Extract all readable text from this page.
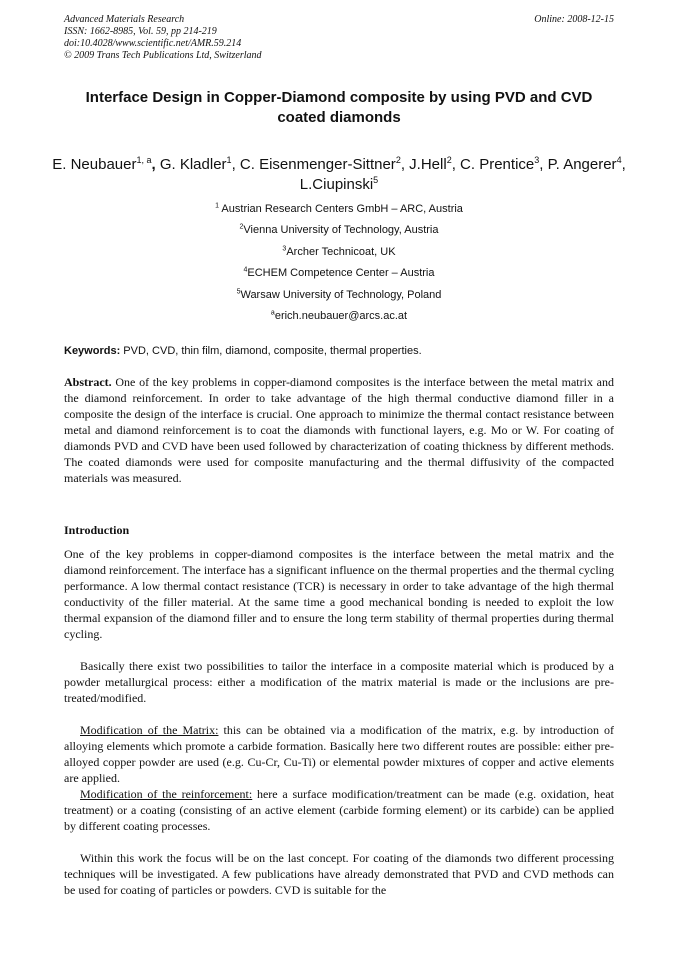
Advanced Materials Research
ISSN: 1662-8985, Vol. 59, pp 214-219
doi:10.4028/www.scientific.net/AMR.59.214
© 2009 Trans Tech Publications Ltd, Switzerland
Online: 2008-12-15
Interface Design in Copper-Diamond composite by using PVD and CVD
coated diamonds
E. Neubauer$^{1, a}$, G. Kladler$^1$, C. Eisenmenger-Sittner$^2$, J.Hell$^2$, C. Prentice$^3$, P. Angerer$^4$, L.Ciupinski$^5$
$^1$ Austrian Research Centers GmbH – ARC, Austria
$^2$Vienna University of Technology, Austria
$^3$Archer Technicoat, UK
$^4$ECHEM Competence Center – Austria
$^5$Warsaw University of Technology, Poland
$^a$erich.neubauer@arcs.ac.at
Keywords: PVD, CVD, thin film, diamond, composite, thermal properties.
Abstract. One of the key problems in copper-diamond composites is the interface between the metal matrix and the diamond reinforcement. In order to take advantage of the high thermal conductive diamond filler in a composite the design of the interface is crucial. One approach to minimize the thermal contact resistance between metal and diamond reinforcement is to coat the diamonds with functional layers, e.g. Mo or W. For coating of diamonds PVD and CVD have been used followed by characterization of coating thickness by different methods. The coated diamonds were used for composite manufacturing and the thermal diffusivity of the compacted materials was measured.
Introduction
One of the key problems in copper-diamond composites is the interface between the metal matrix and the diamond reinforcement. The interface has a significant influence on the thermal properties and the thermal cycling performance. A low thermal contact resistance (TCR) is necessary in order to take advantage of the high thermal conductivity of the filler material. At the same time a good mechanical bonding is needed to exploit the low thermal expansion of the diamond filler and to ensure the long term stability of thermal properties during thermal cycling.
Basically there exist two possibilities to tailor the interface in a composite material which is produced by a powder metallurgical process: either a modification of the matrix material is made or the inclusions are pre-treated/modified.
Modification of the Matrix: this can be obtained via a modification of the matrix, e.g. by introduction of alloying elements which promote a carbide formation. Basically here two different routes are possible: either pre-alloyed copper powder are used (e.g. Cu-Cr, Cu-Ti) or elemental powder mixtures of copper and active elements are applied.
Modification of the reinforcement: here a surface modification/treatment can be made (e.g. oxidation, heat treatment) or a coating (consisting of an active element (carbide forming element) or its carbide) can be applied by different coating processes.
Within this work the focus will be on the last concept. For coating of the diamonds two different processing techniques will be investigated. A few publications have already demonstrated that PVD and CVD methods can be used for coating of particles or powders. CVD is suitable for the
